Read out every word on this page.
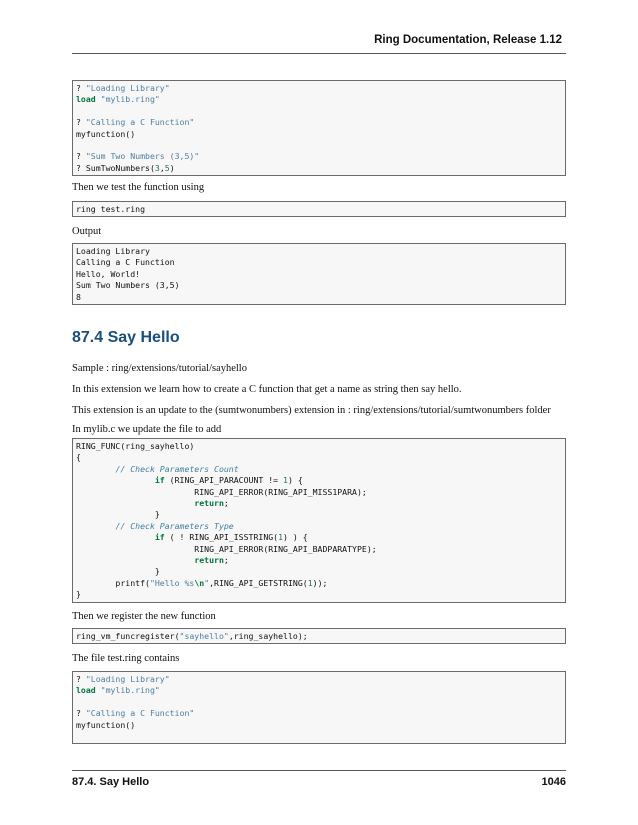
Ring Documentation, Release 1.12
? "Loading Library"
load "mylib.ring"

? "Calling a C Function"
myfunction()

? "Sum Two Numbers (3,5)"
? SumTwoNumbers(3,5)

Then we test the function using

ring test.ring

Output

Loading Library
Calling a C Function
Hello, World!
Sum Two Numbers (3,5)
8
87.4 Say Hello

Sample : ring/extensions/tutorial/sayhello

In this extension we learn how to create a C function that get a name as string then say hello.

This extension is an update to the (sumtwonumbers) extension in : ring/extensions/tutorial/sumtwonumbers folder

In mylib.c we update the file to add

RING_FUNC(ring_sayhello)
{
// Check Parameters Count
if (RING_API_PARACOUNT != 1) {
RING_API_ERROR(RING_API_MISS1PARA);
return;
}
// Check Parameters Type
if ( ! RING_API_ISSTRING(1) ) {
RING_API_ERROR(RING_API_BADPARATYPE);
return;
}
printf("Hello %s\n",RING_API_GETSTRING(1));
}

Then we register the new function

ring_vm_funcregister("sayhello",ring_sayhello);

The file test.ring contains

? "Loading Library"
load "mylib.ring"

? "Calling a C Function"
myfunction()

87.4. Say Hello	1046
